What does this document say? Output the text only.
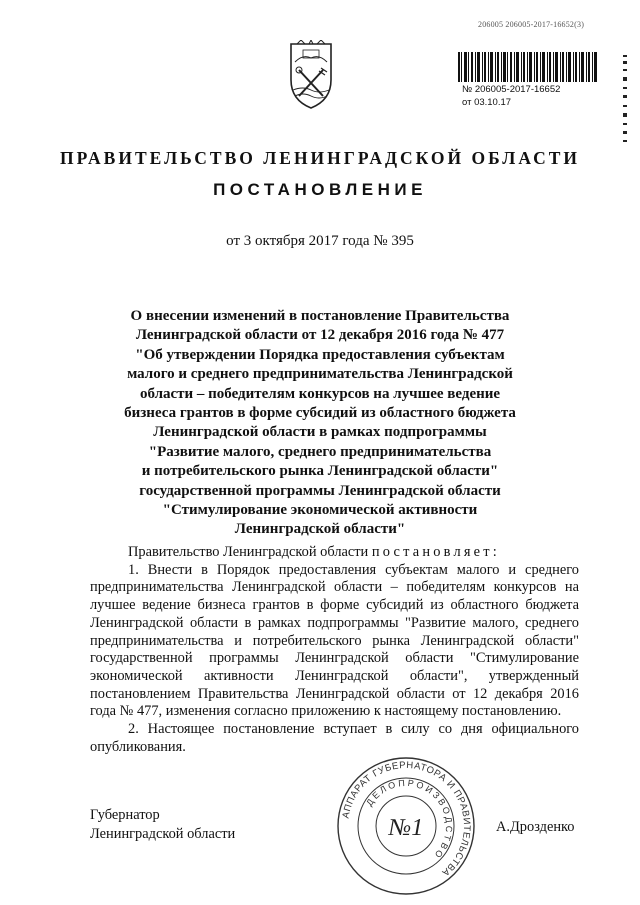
206005 206005-2017-16652(3)
№ 206005-2017-16652
от 03.10.17
ПРАВИТЕЛЬСТВО ЛЕНИНГРАДСКОЙ ОБЛАСТИ
ПОСТАНОВЛЕНИЕ
от 3 октября 2017 года № 395
О внесении изменений в постановление Правительства
Ленинградской области от 12 декабря 2016 года № 477
"Об утверждении Порядка предоставления субъектам
малого и среднего предпринимательства Ленинградской
области – победителям конкурсов на лучшее ведение
бизнеса грантов в форме субсидий из областного бюджета
Ленинградской области в рамках подпрограммы
"Развитие малого, среднего предпринимательства
и потребительского рынка Ленинградской области"
государственной программы Ленинградской области
"Стимулирование экономической активности
Ленинградской области"

Правительство Ленинградской области постановляет:

1. Внести в Порядок предоставления субъектам малого и среднего предпринимательства Ленинградской области – победителям конкурсов на лучшее ведение бизнеса грантов в форме субсидий из областного бюджета Ленинградской области в рамках подпрограммы "Развитие малого, среднего предпринимательства и потребительского рынка Ленинградской области" государственной программы Ленинградской области "Стимулирование экономической активности Ленинградской области", утвержденный постановлением Правительства Ленинградской области от 12 декабря 2016 года № 477, изменения согласно приложению к настоящему постановлению.

2. Настоящее постановление вступает в силу со дня официального опубликования.

Губернатор
Ленинградской области	А.Дрозденко
АППАРАТ ГУБЕРНАТОРА И ПРАВИТЕЛЬСТВА
ДЕЛОПРОИЗВОДСТВО
№1
